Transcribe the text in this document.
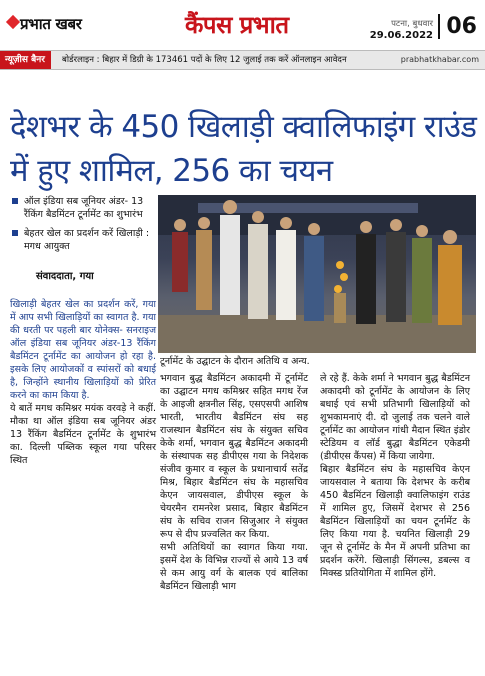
प्रभात खबर	कैंपस प्रभात	पटना, बुधवार
29.06.2022 06
न्यूज़ीस बैनर	बोर्डरलाइन : बिहार में डिग्री के 173461 पदों के लिए 12 जुलाई तक करें ऑनलाइन आवेदन	prabhatkhabar.com
देशभर के 450 खिलाड़ी क्वालिफाइंग राउंड में हुए शामिल, 256 का चयन
ऑल इंडिया सब जूनियर अंडर- 13 रैंकिंग बैडमिंटन टूर्नामेंट का शुभारंभ
बेहतर खेल का प्रदर्शन करें खिलाड़ी : मगध आयुक्त
संवाददाता, गया
टूर्नामेंट के उद्घाटन के दौरान अतिथि व अन्य.

खिलाड़ी बेहतर खेल का प्रदर्शन करें, गया में आप सभी खिलाड़ियों का स्वागत है. गया की धरती पर पहली बार योनेक्स- सनराइज ऑल इंडिया सब जूनियर अंडर-13 रैंकिंग बैडमिंटन टूर्नामेंट का आयोजन हो रहा है. इसके लिए आयोजकों व स्पांसरों को बधाई है, जिन्होंने स्थानीय खिलाड़ियों को प्रेरित करने का काम किया है.

ये बातें मगध कमिश्नर मयंक वरवड़े ने कहीं. मौका था ऑल इंडिया सब जूनियर अंडर 13 रैंकिंग बैडमिंटन टूर्नामेंट के शुभारंभ का. दिल्ली पब्लिक स्कूल गया परिसर स्थित

भगवान बुद्ध बैडमिंटन अकादमी में टूर्नामेंट का उद्घाटन मगध कमिश्नर सहित मगध रेंज के आइजी क्षत्रनील सिंह, एसएसपी आशिष भारती, भारतीय बैडमिंटन संघ सह राजस्थान बैडमिंटन संघ के संयुक्त सचिव केके शर्मा, भगवान बुद्ध बैडमिंटन अकादमी के संस्थापक सह डीपीएस गया के निदेशक संजीव कुमार व स्कूल के प्रधानाचार्य सतेंद्र मिश्र, बिहार बैडमिंटन संघ के महासचिव केएन जायसवाल, डीपीएस स्कूल के चेयरमैन रामनरेश प्रसाद, बिहार बैडमिंटन संघ के सचिव राजन सिजुआर ने संयुक्त रूप से दीप प्रज्वलित कर किया.

सभी अतिथियों का स्वागत किया गया. इसमें देश के विभिन्न राज्यों से आये 13 वर्ष से कम आयु वर्ग के बालक एवं बालिका बैडमिंटन खिलाड़ी भाग

ले रहे हैं. केके शर्मा ने भगवान बुद्ध बैडमिंटन अकादमी को टूर्नामेंट के आयोजन के लिए बधाई एवं सभी प्रतिभागी खिलाड़ियों को शुभकामनाएं दी. दो जुलाई तक चलने वाले टूर्नामेंट का आयोजन गांधी मैदान स्थित इंडोर स्टेडियम व लॉर्ड बुद्धा बैडमिंटन एकेडमी (डीपीएस कैंपस) में किया जायेगा.

बिहार बैडमिंटन संघ के महासचिव केएन जायसवाल ने बताया कि देशभर के करीब 450 बैडमिंटन खिलाड़ी क्वालिफाइंग राउंड में शामिल हुए, जिसमें देशभर से 256 बैडमिंटन खिलाड़ियों का चयन टूर्नामेंट के लिए किया गया है. चयनित खिलाड़ी 29 जून से टूर्नामेंट के मैन में अपनी प्रतिभा का प्रदर्शन करेंगे. खिलाड़ी सिंगल्स, डबल्स व मिक्स्ड प्रतियोगिता में शामिल होंगे.
